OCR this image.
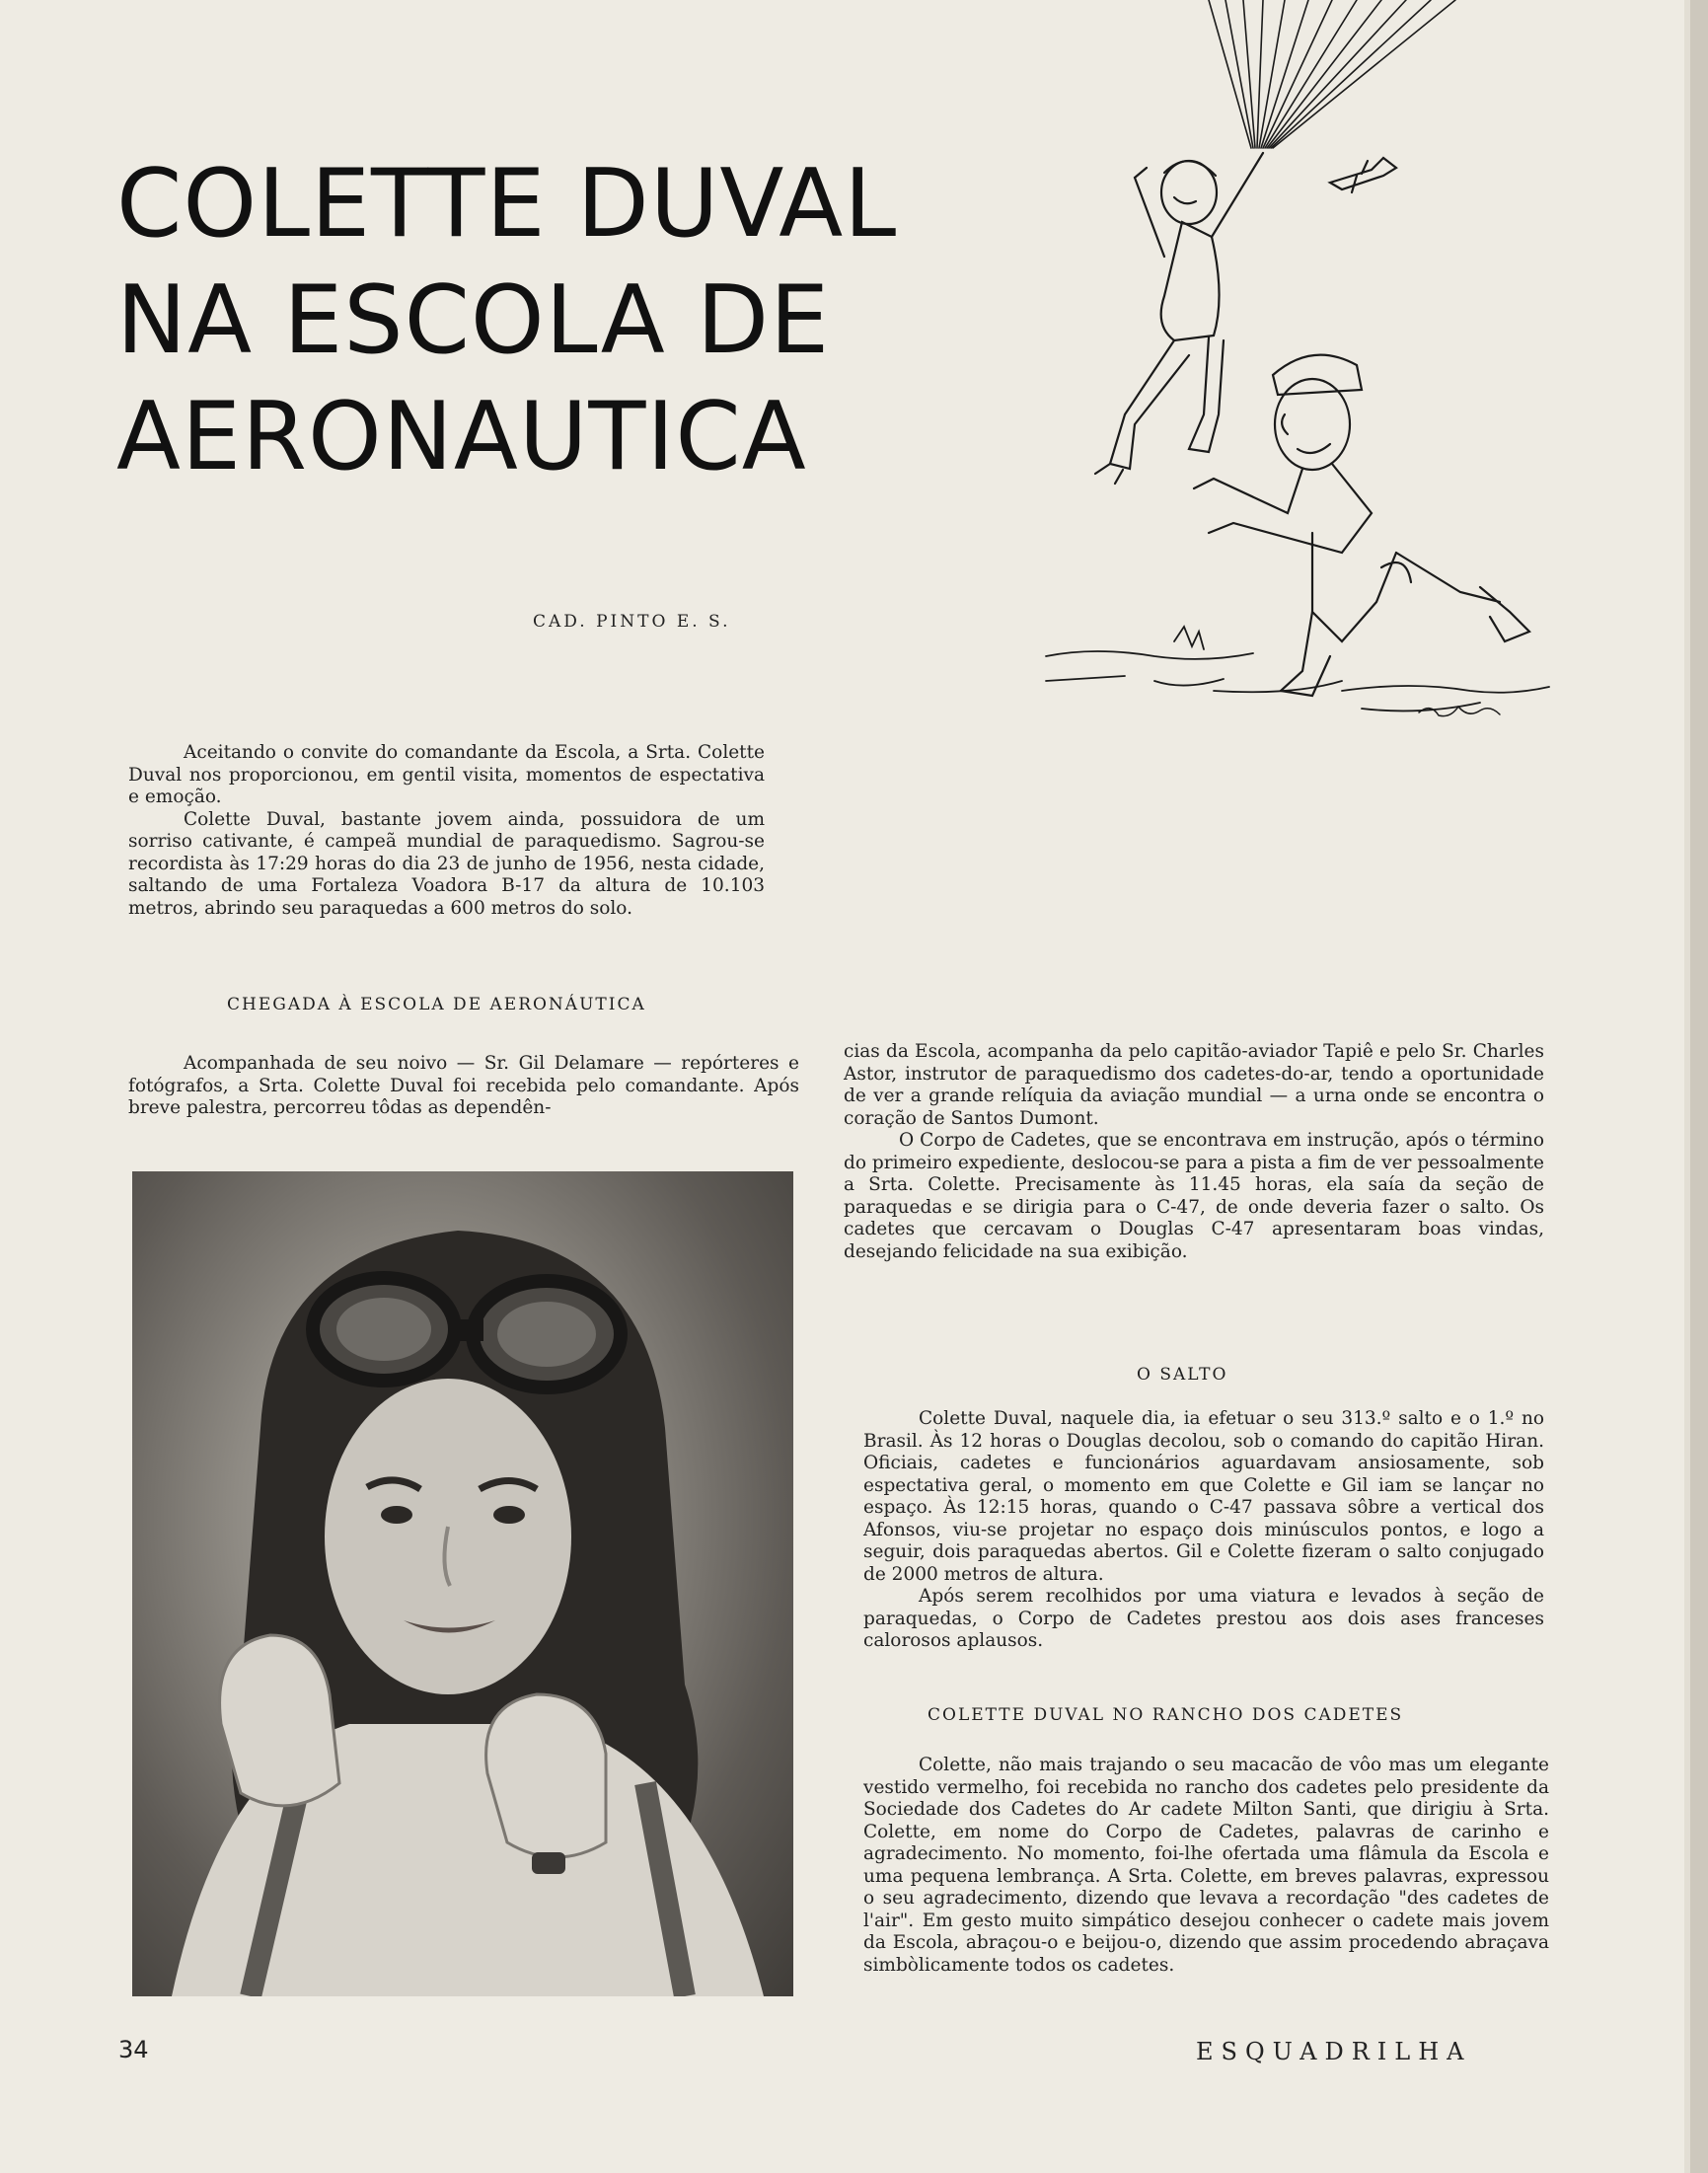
COLETTE DUVAL
NA ESCOLA DE
AERONAUTICA
CAD. PINTO E. S.

Aceitando o convite do comandante da Escola, a Srta. Colette Duval nos proporcionou, em gentil visita, momentos de espectativa e emoção.

Colette Duval, bastante jovem ainda, possuidora de um sorriso cativante, é campeã mundial de paraquedismo. Sagrou-se recordista às 17:29 horas do dia 23 de junho de 1956, nesta cidade, saltando de uma Fortaleza Voadora B-17 da altura de 10.103 metros, abrindo seu paraquedas a 600 metros do solo.

CHEGADA À ESCOLA DE AERONÁUTICA

Acompanhada de seu noivo — Sr. Gil Delamare — repórteres e fotógrafos, a Srta. Colette Duval foi recebida pelo comandante. Após breve palestra, percorreu tôdas as dependên-

cias da Escola, acompanha da pelo capitão-aviador Tapiê e pelo Sr. Charles Astor, instrutor de paraquedismo dos cadetes-do-ar, tendo a oportunidade de ver a grande relíquia da aviação mundial — a urna onde se encontra o coração de Santos Dumont.

O Corpo de Cadetes, que se encontrava em instrução, após o término do primeiro expediente, deslocou-se para a pista a fim de ver pessoalmente a Srta. Colette. Precisamente às 11.45 horas, ela saía da seção de paraquedas e se dirigia para o C-47, de onde deveria fazer o salto. Os cadetes que cercavam o Douglas C-47 apresentaram boas vindas, desejando felicidade na sua exibição.

O SALTO

Colette Duval, naquele dia, ia efetuar o seu 313.º salto e o 1.º no Brasil. Às 12 horas o Douglas decolou, sob o comando do capitão Hiran. Oficiais, cadetes e funcionários aguardavam ansiosamente, sob espectativa geral, o momento em que Colette e Gil iam se lançar no espaço. Às 12:15 horas, quando o C-47 passava sôbre a vertical dos Afonsos, viu-se projetar no espaço dois minúsculos pontos, e logo a seguir, dois paraquedas abertos. Gil e Colette fizeram o salto conjugado de 2000 metros de altura.

Após serem recolhidos por uma viatura e levados à seção de paraquedas, o Corpo de Cadetes prestou aos dois ases franceses calorosos aplausos.

COLETTE DUVAL NO RANCHO DOS CADETES

Colette, não mais trajando o seu macacão de vôo mas um elegante vestido vermelho, foi recebida no rancho dos cadetes pelo presidente da Sociedade dos Cadetes do Ar cadete Milton Santi, que dirigiu à Srta. Colette, em nome do Corpo de Cadetes, palavras de carinho e agradecimento. No momento, foi-lhe ofertada uma flâmula da Escola e uma pequena lembrança. A Srta. Colette, em breves palavras, expressou o seu agradecimento, dizendo que levava a recordação "des cadetes de l'air". Em gesto muito simpático desejou conhecer o cadete mais jovem da Escola, abraçou-o e beijou-o, dizendo que assim procedendo abraçava simbòlicamente todos os cadetes.

34	ESQUADRILHA
